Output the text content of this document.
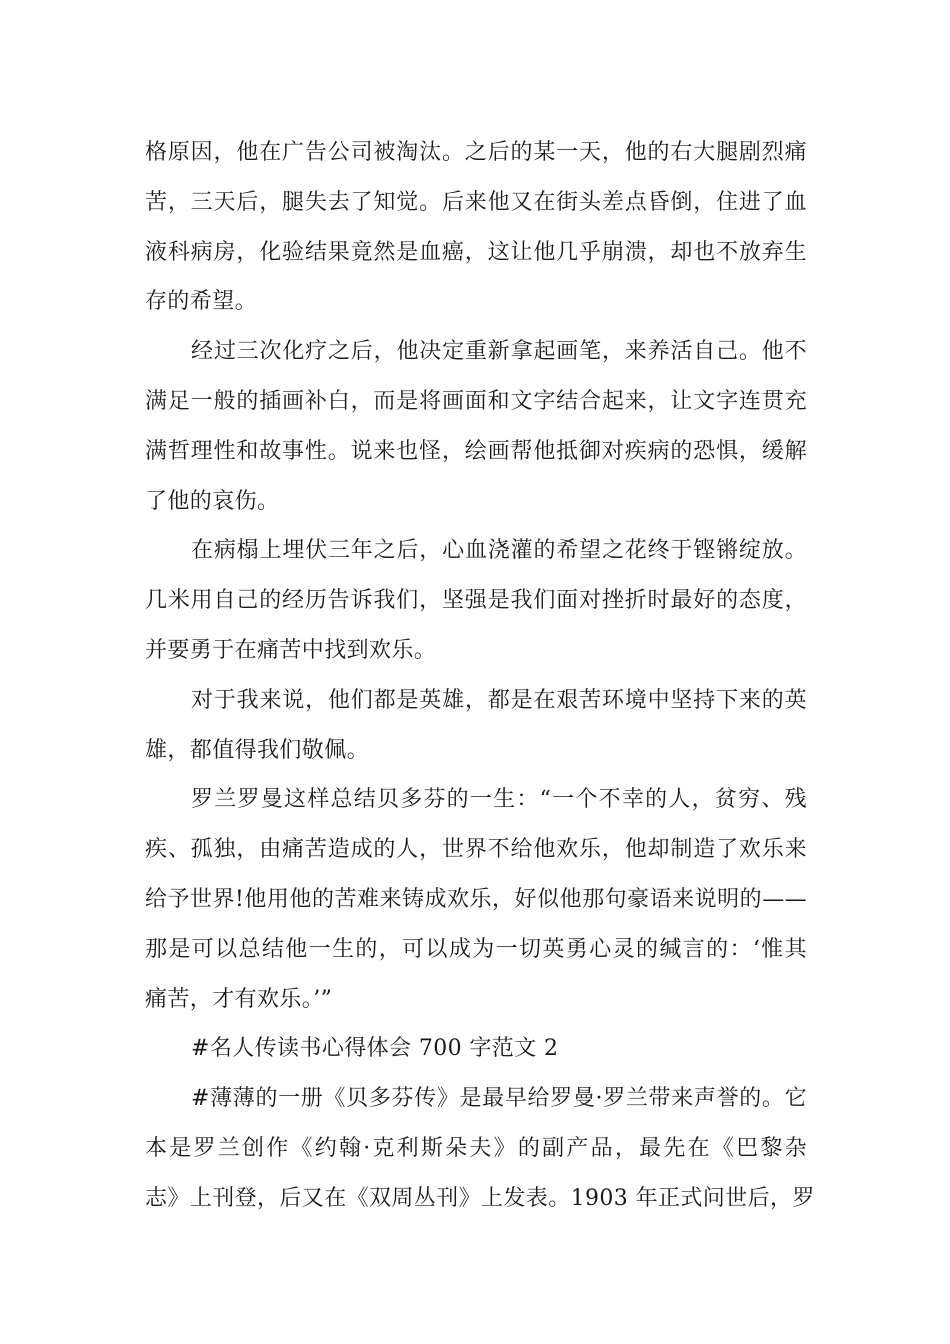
格原因，他在广告公司被淘汰。之后的某一天，他的右大腿剧烈痛
苦，三天后，腿失去了知觉。后来他又在街头差点昏倒，住进了血
液科病房，化验结果竟然是血癌，这让他几乎崩溃，却也不放弃生
存的希望。

经过三次化疗之后，他决定重新拿起画笔，来养活自己。他不
满足一般的插画补白，而是将画面和文字结合起来，让文字连贯充
满哲理性和故事性。说来也怪，绘画帮他抵御对疾病的恐惧，缓解
了他的哀伤。

在病榻上埋伏三年之后，心血浇灌的希望之花终于铿锵绽放。
几米用自己的经历告诉我们，坚强是我们面对挫折时最好的态度，
并要勇于在痛苦中找到欢乐。

对于我来说，他们都是英雄，都是在艰苦环境中坚持下来的英
雄，都值得我们敬佩。

罗兰罗曼这样总结贝多芬的一生：“一个不幸的人，贫穷、残
疾、孤独，由痛苦造成的人，世界不给他欢乐，他却制造了欢乐来
给予世界!他用他的苦难来铸成欢乐，好似他那句豪语来说明的——
那是可以总结他一生的，可以成为一切英勇心灵的缄言的：‘惟其
痛苦，才有欢乐。’”

#名人传读书心得体会 700 字范文 2

#薄薄的一册《贝多芬传》是最早给罗曼·罗兰带来声誉的。它
本是罗兰创作《约翰·克利斯朵夫》的副产品，最先在《巴黎杂
志》上刊登，后又在《双周丛刊》上发表。1903 年正式问世后，罗
